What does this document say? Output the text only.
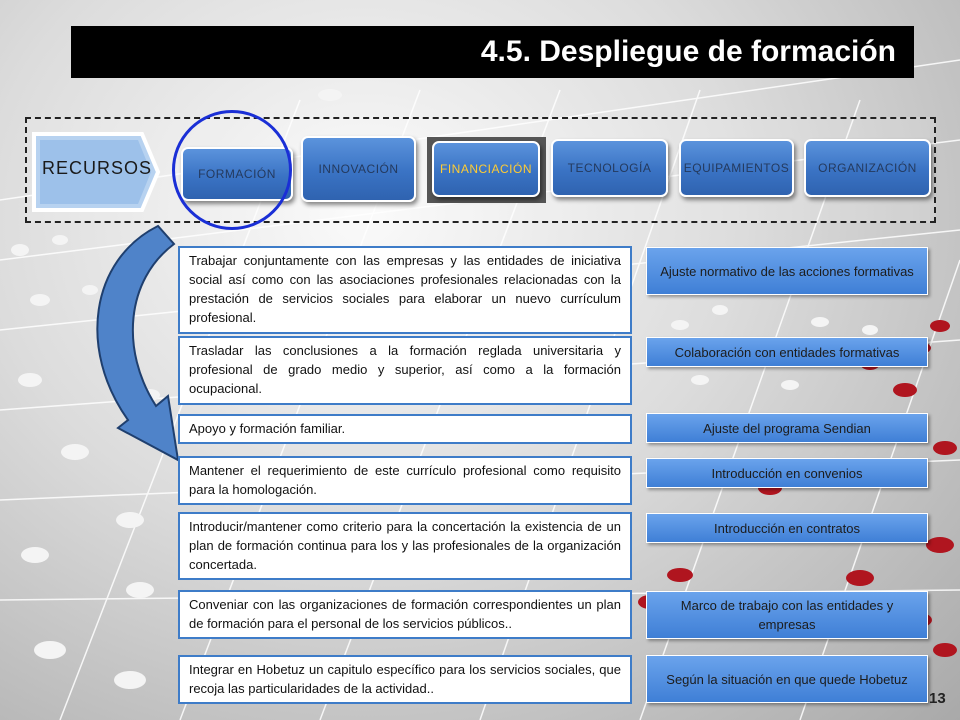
4.5. Despliegue de formación
RECURSOS	FORMACIÓN	INNOVACIÓN	FINANCIACIÓN	TECNOLOGÍA	EQUIPAMIENTOS ORGANIZACIÓN
Trabajar conjuntamente con las empresas y las entidades de iniciativa social así como con las asociaciones profesionales relacionadas con la prestación de servicios sociales para elaborar un nuevo currículum profesional.
Trasladar las conclusiones a la formación reglada universitaria y profesional de grado medio y superior, así como a la formación ocupacional.
Apoyo y formación familiar.
Mantener el requerimiento de este currículo profesional como requisito para la homologación.
Introducir/mantener como criterio para la concertación la existencia de un plan de formación continua para los y las profesionales de la organización concertada.
Conveniar con las organizaciones de formación correspondientes un plan de formación para el personal de los servicios públicos..
Integrar en Hobetuz un capitulo específico para los servicios sociales, que recoja las particularidades de la actividad..
Ajuste normativo de las acciones formativas
Colaboración con entidades formativas
Ajuste del programa Sendian
Introducción en convenios
Introducción en contratos
Marco de trabajo con las entidades y empresas
Según la situación en que quede Hobetuz
13
